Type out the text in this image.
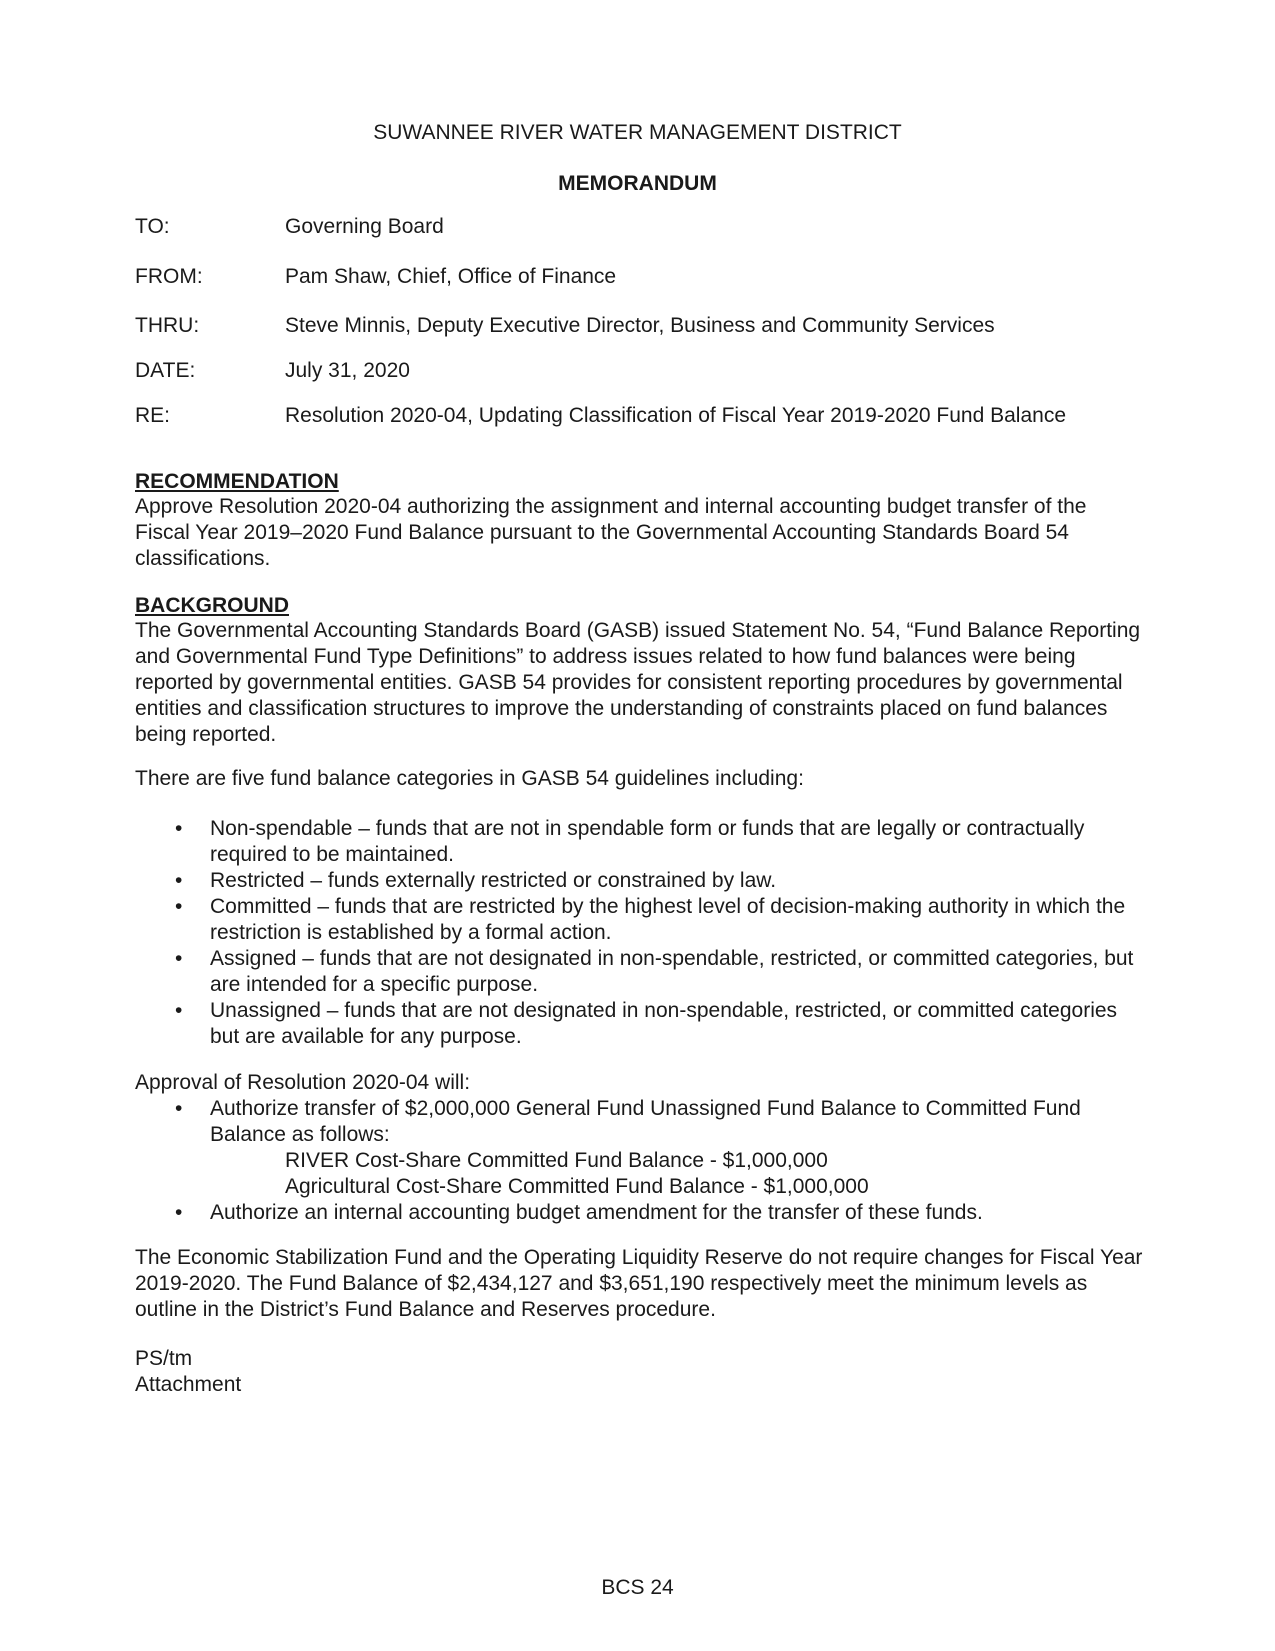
SUWANNEE RIVER WATER MANAGEMENT DISTRICT
MEMORANDUM
TO:	Governing Board
FROM:	Pam Shaw, Chief, Office of Finance
THRU:	Steve Minnis, Deputy Executive Director, Business and Community Services
DATE:	July 31, 2020
RE:	Resolution 2020-04, Updating Classification of Fiscal Year 2019-2020 Fund Balance
RECOMMENDATION

Approve Resolution 2020-04 authorizing the assignment and internal accounting budget transfer of the Fiscal Year 2019–2020 Fund Balance pursuant to the Governmental Accounting Standards Board 54 classifications.

BACKGROUND

The Governmental Accounting Standards Board (GASB) issued Statement No. 54, “Fund Balance Reporting and Governmental Fund Type Definitions” to address issues related to how fund balances were being reported by governmental entities. GASB 54 provides for consistent reporting procedures by governmental entities and classification structures to improve the understanding of constraints placed on fund balances being reported.

There are five fund balance categories in GASB 54 guidelines including:

• Non-spendable – funds that are not in spendable form or funds that are legally or contractually required to be maintained.
• Restricted – funds externally restricted or constrained by law.
• Committed – funds that are restricted by the highest level of decision-making authority in which the restriction is established by a formal action.
• Assigned – funds that are not designated in non-spendable, restricted, or committed categories, but are intended for a specific purpose.
• Unassigned – funds that are not designated in non-spendable, restricted, or committed categories but are available for any purpose.

Approval of Resolution 2020-04 will:

• Authorize transfer of $2,000,000 General Fund Unassigned Fund Balance to Committed Fund Balance as follows:
RIVER Cost-Share Committed Fund Balance - $1,000,000
Agricultural Cost-Share Committed Fund Balance - $1,000,000
• Authorize an internal accounting budget amendment for the transfer of these funds.

The Economic Stabilization Fund and the Operating Liquidity Reserve do not require changes for Fiscal Year 2019-2020. The Fund Balance of $2,434,127 and $3,651,190 respectively meet the minimum levels as outline in the District’s Fund Balance and Reserves procedure.

PS/tm
Attachment
BCS 24
